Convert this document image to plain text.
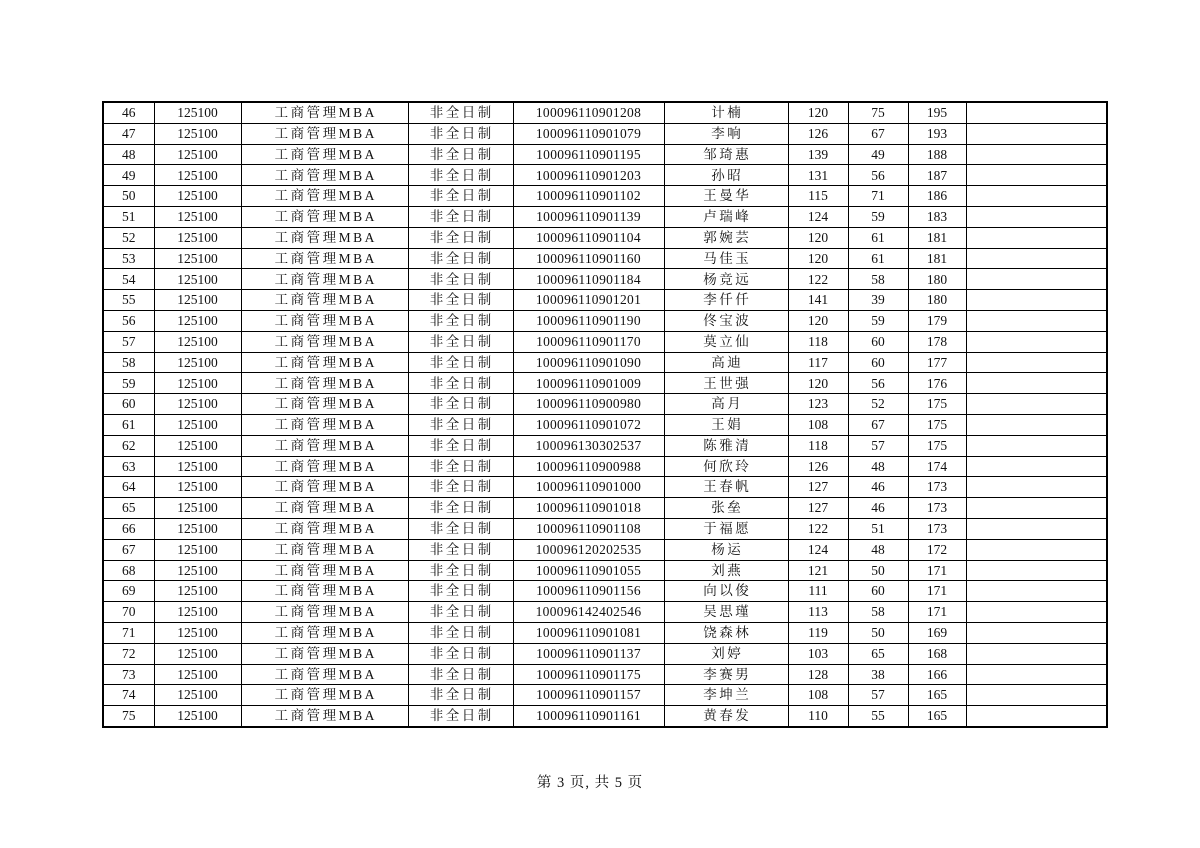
46	125100	工商管理MBA	非全日制	100096110901208	计楠	120	75	195	
47	125100	工商管理MBA	非全日制	100096110901079	李响	126	67	193	
48	125100	工商管理MBA	非全日制	100096110901195	邹琦惠	139	49	188	
49	125100	工商管理MBA	非全日制	100096110901203	孙昭	131	56	187	
50	125100	工商管理MBA	非全日制	100096110901102	王曼华	115	71	186	
51	125100	工商管理MBA	非全日制	100096110901139	卢瑞峰	124	59	183	
52	125100	工商管理MBA	非全日制	100096110901104	郭婉芸	120	61	181	
53	125100	工商管理MBA	非全日制	100096110901160	马佳玉	120	61	181	
54	125100	工商管理MBA	非全日制	100096110901184	杨竞远	122	58	180	
55	125100	工商管理MBA	非全日制	100096110901201	李仟仟	141	39	180	
56	125100	工商管理MBA	非全日制	100096110901190	佟宝波	120	59	179	
57	125100	工商管理MBA	非全日制	100096110901170	莫立仙	118	60	178	
58	125100	工商管理MBA	非全日制	100096110901090	高迪	117	60	177	
59	125100	工商管理MBA	非全日制	100096110901009	王世强	120	56	176	
60	125100	工商管理MBA	非全日制	100096110900980	高月	123	52	175	
61	125100	工商管理MBA	非全日制	100096110901072	王娟	108	67	175	
62	125100	工商管理MBA	非全日制	100096130302537	陈雅清	118	57	175	
63	125100	工商管理MBA	非全日制	100096110900988	何欣玲	126	48	174	
64	125100	工商管理MBA	非全日制	100096110901000	王春帆	127	46	173	
65	125100	工商管理MBA	非全日制	100096110901018	张垒	127	46	173	
66	125100	工商管理MBA	非全日制	100096110901108	于福愿	122	51	173	
67	125100	工商管理MBA	非全日制	100096120202535	杨运	124	48	172	
68	125100	工商管理MBA	非全日制	100096110901055	刘燕	121	50	171	
69	125100	工商管理MBA	非全日制	100096110901156	向以俊	111	60	171	
70	125100	工商管理MBA	非全日制	100096142402546	吴思瑾	113	58	171	
71	125100	工商管理MBA	非全日制	100096110901081	饶森林	119	50	169	
72	125100	工商管理MBA	非全日制	100096110901137	刘婷	103	65	168	
73	125100	工商管理MBA	非全日制	100096110901175	李赛男	128	38	166	
74	125100	工商管理MBA	非全日制	100096110901157	李坤兰	108	57	165	
75	125100	工商管理MBA	非全日制	100096110901161	黄春发	110	55	165	
第 3 页, 共 5 页
